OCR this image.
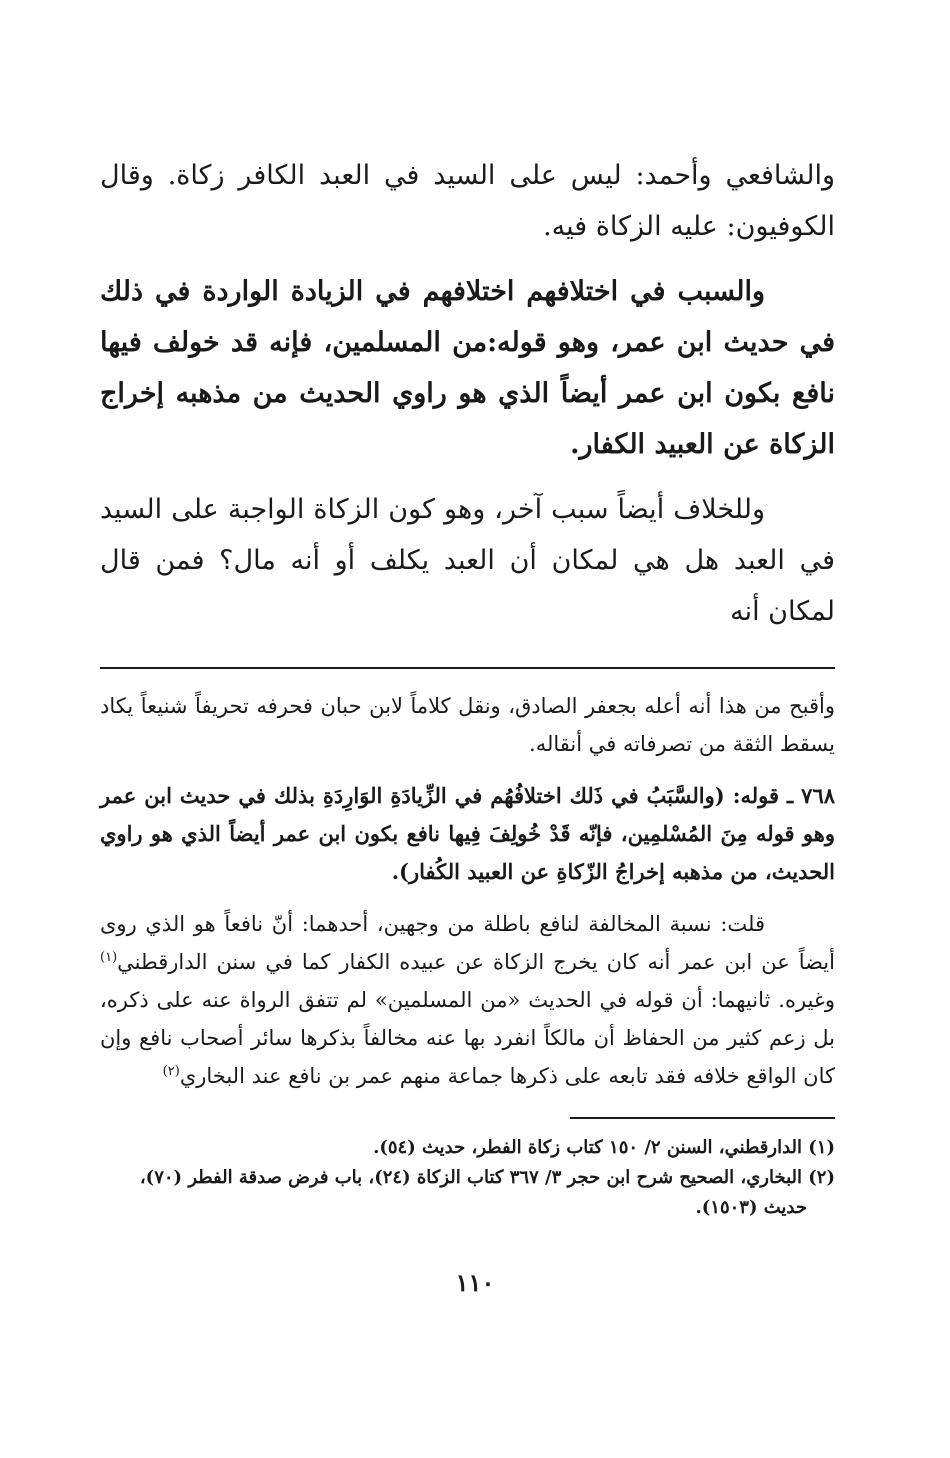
والشافعي وأحمد: ليس على السيد في العبد الكافر زكاة. وقال الكوفيون: عليه الزكاة فيه.

والسبب في اختلافهم اختلافهم في الزيادة الواردة في ذلك في حديث ابن عمر، وهو قوله:من المسلمين، فإنه قد خولف فيها نافع بكون ابن عمر أيضاً الذي هو راوي الحديث من مذهبه إخراج الزكاة عن العبيد الكفار.

وللخلاف أيضاً سبب آخر، وهو كون الزكاة الواجبة على السيد في العبد هل هي لمكان أن العبد يكلف أو أنه مال؟ فمن قال لمكان أنه

وأقبح من هذا أنه أعله بجعفر الصادق، ونقل كلاماً لابن حبان فحرفه تحريفاً شنيعاً يكاد يسقط الثقة من تصرفاته في أنقاله.

٧٦٨ ـ قوله: (والسَّبَبُ في ذَلك اختلافُهُم في الزِّيادَةِ الوَارِدَةِ بذلك في حديث ابن عمر وهو قوله مِنَ المُسْلمِين، فإنّه قَدْ خُولِفَ فِيها نافع بكون ابن عمر أيضاً الذي هو راوي الحديث، من مذهبه إخراجُ الزّكاةِ عن العبيد الكُفار).

قلت: نسبة المخالفة لنافع باطلة من وجهين، أحدهما: أنّ نافعاً هو الذي روى أيضاً عن ابن عمر أنه كان يخرج الزكاة عن عبيده الكفار كما في سنن الدارقطني$^{(١)}$ وغيره. ثانيهما: أن قوله في الحديث «من المسلمين» لم تتفق الرواة عنه على ذكره، بل زعم كثير من الحفاظ أن مالكاً انفرد بها عنه مخالفاً بذكرها سائر أصحاب نافع وإن كان الواقع خلافه فقد تابعه على ذكرها جماعة منهم عمر بن نافع عند البخاري$^{(٢)}$

(١) الدارقطني، السنن ٢/ ١٥٠ كتاب زكاة الفطر، حديث (٥٤).

(٢) البخاري، الصحيح شرح ابن حجر ٣/ ٣٦٧ كتاب الزكاة (٢٤)، باب فرض صدقة الفطر (٧٠)،

حديث (١٥٠٣).

١١٠
